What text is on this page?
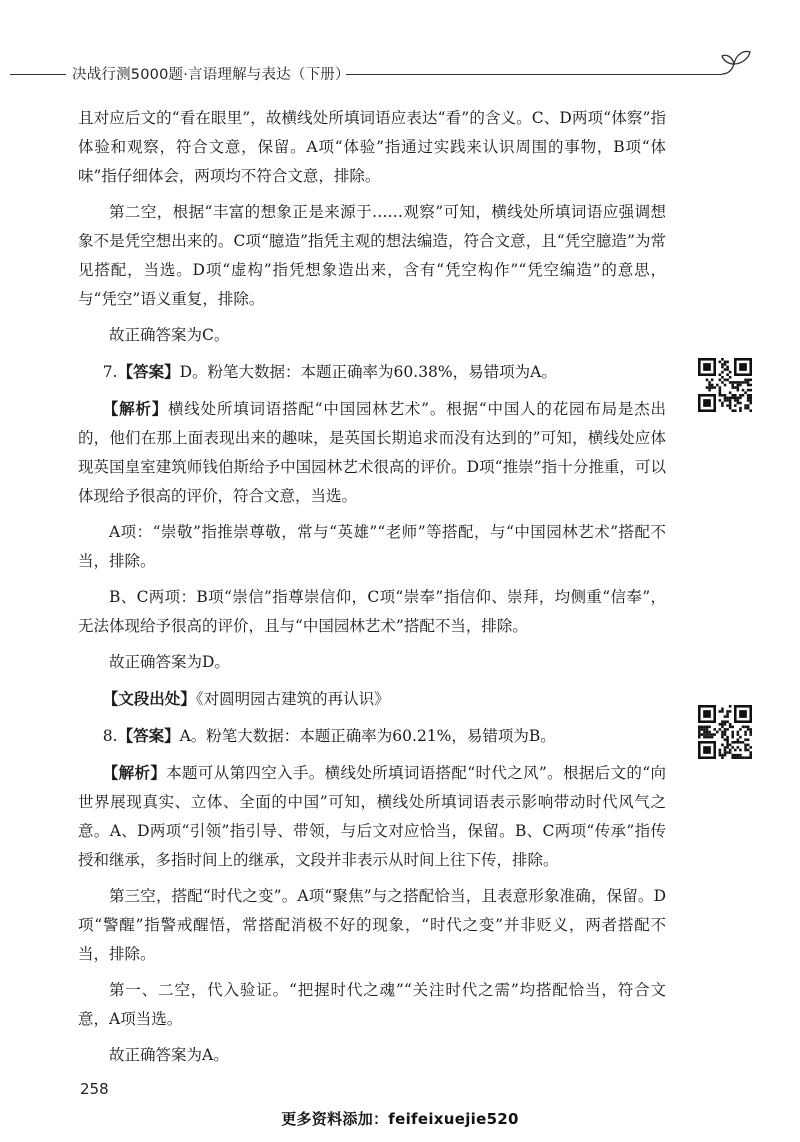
决战行测5000题·言语理解与表达（下册）

且对应后文的“看在眼里”，故横线处所填词语应表达“看”的含义。C、D两项“体察”指体验和观察，符合文意，保留。A项“体验”指通过实践来认识周围的事物，B项“体味”指仔细体会，两项均不符合文意，排除。

第二空，根据“丰富的想象正是来源于……观察”可知，横线处所填词语应强调想象不是凭空想出来的。C项“臆造”指凭主观的想法编造，符合文意，且“凭空臆造”为常见搭配，当选。D项“虚构”指凭想象造出来，含有“凭空构作”“凭空编造”的意思，与“凭空”语义重复，排除。

故正确答案为C。

7.【答案】D。粉笔大数据：本题正确率为60.38%，易错项为A。

【解析】横线处所填词语搭配“中国园林艺术”。根据“中国人的花园布局是杰出的，他们在那上面表现出来的趣味，是英国长期追求而没有达到的”可知，横线处应体现英国皇室建筑师钱伯斯给予中国园林艺术很高的评价。D项“推崇”指十分推重，可以体现给予很高的评价，符合文意，当选。

A项：“崇敬”指推崇尊敬，常与“英雄”“老师”等搭配，与“中国园林艺术”搭配不当，排除。

B、C两项：B项“崇信”指尊崇信仰，C项“崇奉”指信仰、崇拜，均侧重“信奉”，无法体现给予很高的评价，且与“中国园林艺术”搭配不当，排除。

故正确答案为D。

【文段出处】《对圆明园古建筑的再认识》

8.【答案】A。粉笔大数据：本题正确率为60.21%，易错项为B。

【解析】本题可从第四空入手。横线处所填词语搭配“时代之风”。根据后文的“向世界展现真实、立体、全面的中国”可知，横线处所填词语表示影响带动时代风气之意。A、D两项“引领”指引导、带领，与后文对应恰当，保留。B、C两项“传承”指传授和继承，多指时间上的继承，文段并非表示从时间上往下传，排除。

第三空，搭配“时代之变”。A项“聚焦”与之搭配恰当，且表意形象准确，保留。D项“警醒”指警戒醒悟，常搭配消极不好的现象，“时代之变”并非贬义，两者搭配不当，排除。

第一、二空，代入验证。“把握时代之魂”“关注时代之需”均搭配恰当，符合文意，A项当选。

故正确答案为A。

258
更多资料添加：feifeixuejie520
